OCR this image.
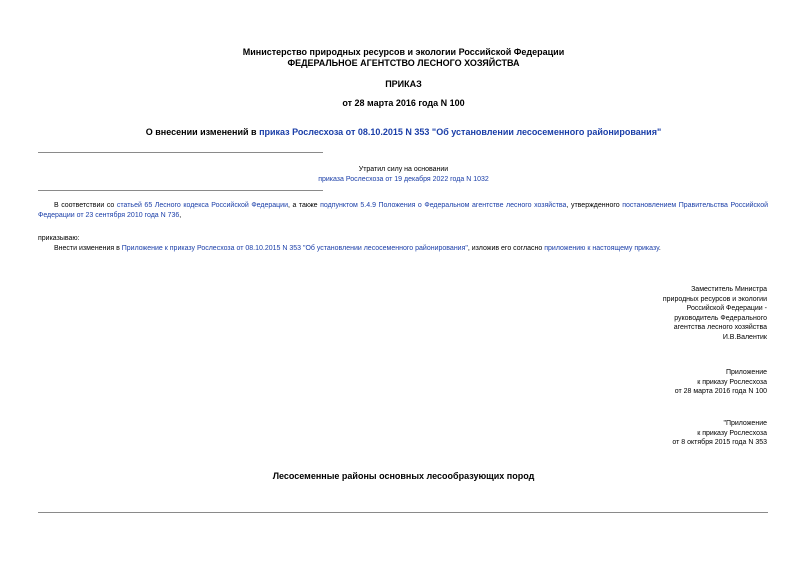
Министерство природных ресурсов и экологии Российской Федерации
ФЕДЕРАЛЬНОЕ АГЕНТСТВО ЛЕСНОГО ХОЗЯЙСТВА
ПРИКАЗ
от 28 марта 2016 года N 100
О внесении изменений в приказ Рослесхоза от 08.10.2015 N 353 "Об установлении лесосеменного районирования"
Утратил силу на основании
приказа Рослесхоза от 19 декабря 2022 года N 1032
В соответствии со статьей 65 Лесного кодекса Российской Федерации, а также подпунктом 5.4.9 Положения о Федеральном агентстве лесного хозяйства, утвержденного постановлением Правительства Российской Федерации от 23 сентября 2010 года N 736,
приказываю:
Внести изменения в Приложение к приказу Рослесхоза от 08.10.2015 N 353 "Об установлении лесосеменного районирования", изложив его согласно приложению к настоящему приказу.
Заместитель Министра
природных ресурсов и экологии
Российской Федерации -
руководитель Федерального
агентства лесного хозяйства
И.В.Валентик
Приложение
к приказу Рослесхоза
от 28 марта 2016 года N 100
"Приложение
к приказу Рослесхоза
от 8 октября 2015 года N 353
Лесосеменные районы основных лесообразующих пород
